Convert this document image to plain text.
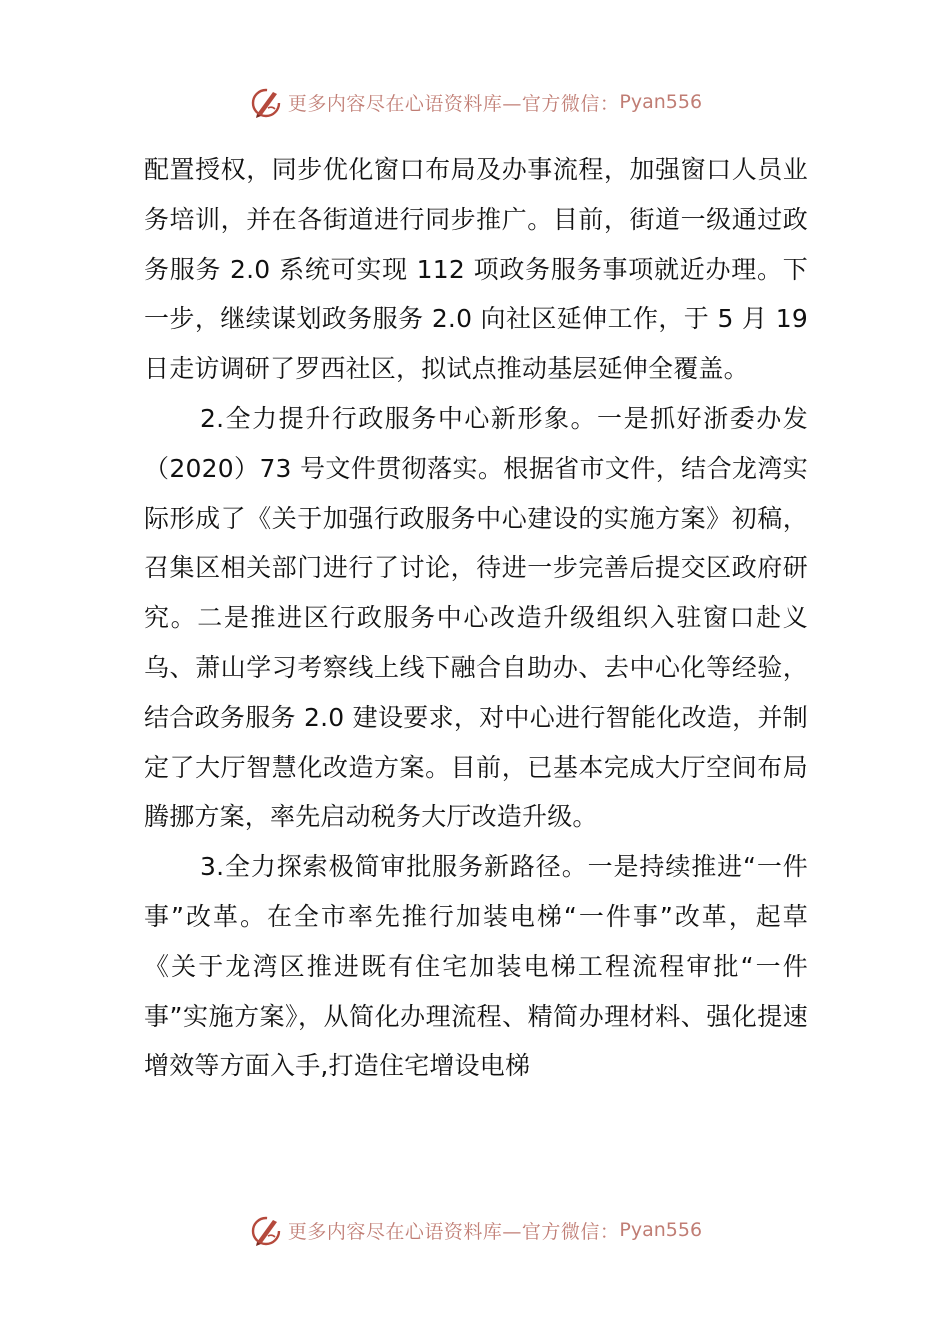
更多内容尽在心语资料库—官方微信： Pyan556

配置授权，同步优化窗口布局及办事流程，加强窗口人员业务培训，并在各街道进行同步推广。目前，街道一级通过政务服务 2.0 系统可实现 112 项政务服务事项就近办理。下一步，继续谋划政务服务 2.0 向社区延伸工作，于 5 月 19 日走访调研了罗西社区，拟试点推动基层延伸全覆盖。

2.全力提升行政服务中心新形象。一是抓好浙委办发（2020）73 号文件贯彻落实。根据省市文件，结合龙湾实际形成了《关于加强行政服务中心建设的实施方案》初稿，召集区相关部门进行了讨论，待进一步完善后提交区政府研究。二是推进区行政服务中心改造升级组织入驻窗口赴义乌、萧山学习考察线上线下融合自助办、去中心化等经验，结合政务服务 2.0 建设要求，对中心进行智能化改造，并制定了大厅智慧化改造方案。目前，已基本完成大厅空间布局腾挪方案，率先启动税务大厅改造升级。

3.全力探索极简审批服务新路径。一是持续推进“一件事”改革。在全市率先推行加装电梯“一件事”改革，起草《关于龙湾区推进既有住宅加装电梯工程流程审批“一件事”实施方案》，从简化办理流程、精简办理材料、强化提速增效等方面入手,打造住宅增设电梯

更多内容尽在心语资料库—官方微信： Pyan556
